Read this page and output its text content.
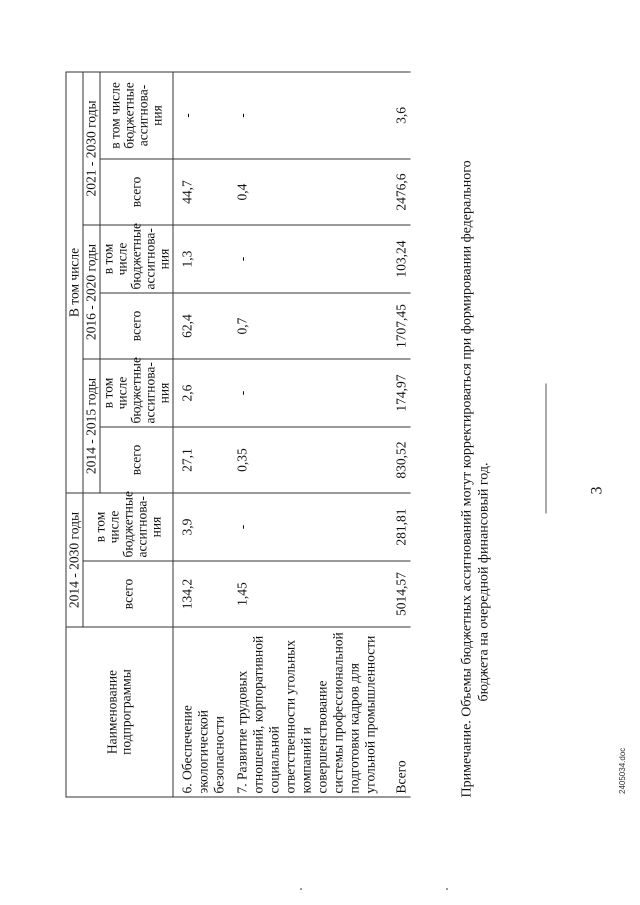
3
Наименование подпрограммы	2014 - 2030 годы		В том числе					
	всего	в том числе бюджетные ассигнова- ния	2014 - 2015 годы		2016 - 2020 годы		2021 - 2030 годы	
			всего	в том числе бюджетные ассигнова- ния	всего	в том числе бюджетные ассигнова- ния	всего	в том числе бюджетные ассигнова- ния
6. Обеспечение экологической безопасности	134,2	3,9	27,1	2,6	62,4	1,3	44,7	-
7. Развитие трудовых отношений, корпоративной социальной ответственности угольных компаний и совершенствование системы профессиональной подготовки кадров для угольной промышленности	1,45	-	0,35	-	0,7	-	0,4	-
Всего	5014,57	281,81	830,52	174,97	1707,45	103,24	2476,6	3,6
Примечание. Объемы бюджетных ассигнований могут корректироваться при формировании федерального бюджета на очередной финансовый год.
2405034.doc
